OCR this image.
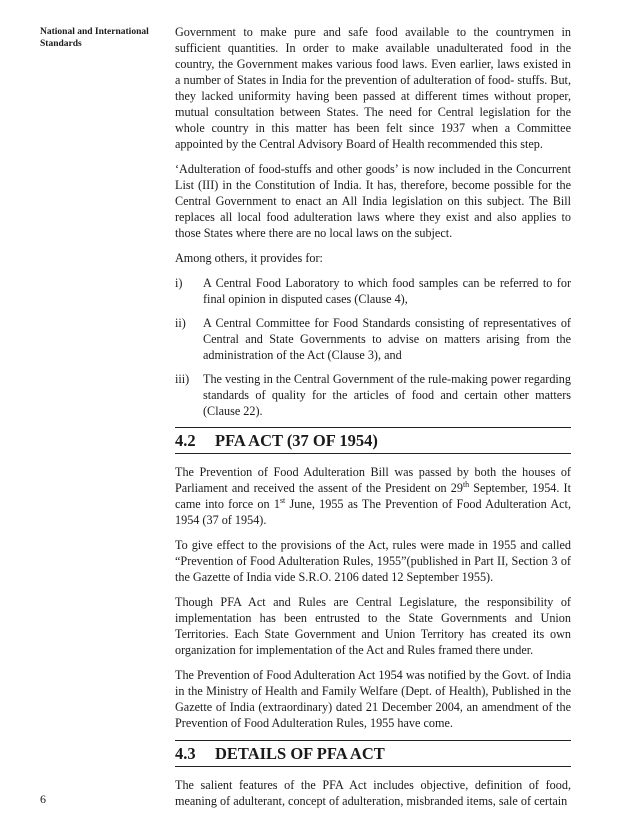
National and International Standards

Government to make pure and safe food available to the countrymen in sufficient quantities. In order to make available unadulterated food in the country, the Government makes various food laws. Even earlier, laws existed in a number of States in India for the prevention of adulteration of food- stuffs. But, they lacked uniformity having been passed at different times without proper, mutual consultation between States. The need for Central legislation for the whole country in this matter has been felt since 1937 when a Committee appointed by the Central Advisory Board of Health recommended this step.

‘Adulteration of food-stuffs and other goods’ is now included in the Concurrent List (III) in the Constitution of India. It has, therefore, become possible for the Central Government to enact an All India legislation on this subject. The Bill replaces all local food adulteration laws where they exist and also applies to those States where there are no local laws on the subject.

Among others, it provides for:

i)	A Central Food Laboratory to which food samples can be referred to for final opinion in disputed cases (Clause 4),
ii)	A Central Committee for Food Standards consisting of representatives of Central and State Governments to advise on matters arising from the administration of the Act (Clause 3), and
iii)	The vesting in the Central Government of the rule-making power regarding standards of quality for the articles of food and certain other matters (Clause 22).
4.2	PFA ACT (37 OF 1954)

The Prevention of Food Adulteration Bill was passed by both the houses of Parliament and received the assent of the President on 29th September, 1954. It came into force on 1st June, 1955 as The Prevention of Food Adulteration Act, 1954 (37 of 1954).

To give effect to the provisions of the Act, rules were made in 1955 and called “Prevention of Food Adulteration Rules, 1955”(published in Part II, Section 3 of the Gazette of India vide S.R.O. 2106 dated 12 September 1955).

Though PFA Act and Rules are Central Legislature, the responsibility of implementation has been entrusted to the State Governments and Union Territories. Each State Government and Union Territory has created its own organization for implementation of the Act and Rules framed there under.

The Prevention of Food Adulteration Act 1954 was notified by the Govt. of India in the Ministry of Health and Family Welfare (Dept. of Health), Published in the Gazette of India (extraordinary) dated 21 December 2004, an amendment of the Prevention of Food Adulteration Rules, 1955 have come.

4.3	DETAILS OF PFA ACT

The salient features of the PFA Act includes objective, definition of food, meaning of adulterant, concept of adulteration, misbranded items, sale of certain

6
